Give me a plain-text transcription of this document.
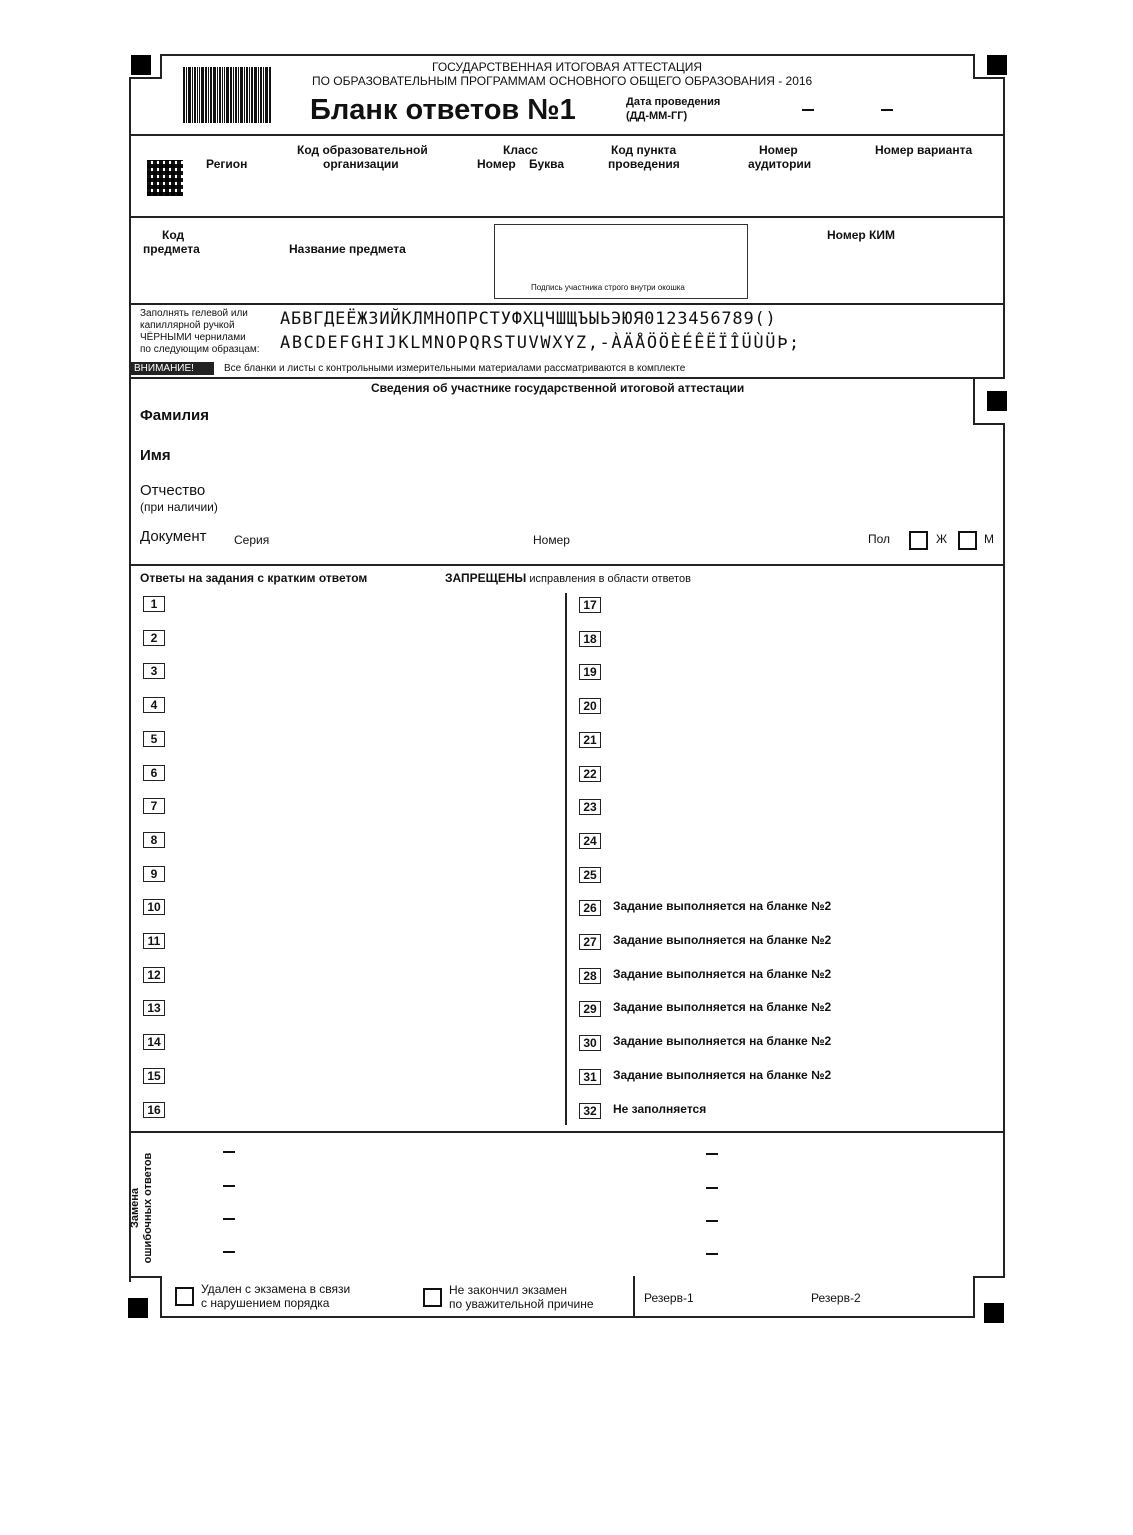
ГОСУДАРСТВЕННАЯ ИТОГОВАЯ АТТЕСТАЦИЯ
ПО ОБРАЗОВАТЕЛЬНЫМ ПРОГРАММАМ ОСНОВНОГО ОБЩЕГО ОБРАЗОВАНИЯ - 2016
Бланк ответов №1	Дата проведения
(ДД-ММ-ГГ)
Регион
Код образовательной
организации
Класс
Номер Буква
Код пункта
проведения
Номер
аудитории
Номер варианта
Код
предмета	Название предмета
Подпись участника строго внутри окошка
Номер КИМ
Заполнять гелевой или
капиллярной ручкой
ЧЁРНЫМИ чернилами
по следующим образцам:
АБВГДЕЁЖЗИЙКЛМНОПРСТУФХЦЧШЩЪЫЬЭЮЯ0123456789()
ABCDEFGHIJKLMNOPQRSTUVWXYZ,-ÀÄÅÖÖÈÉÊËÏÎÜÙÜÞ;
ВНИМАНИЕ!	Все бланки и листы с контрольными измерительными материалами рассматриваются в комплекте
Сведения об участнике государственной итоговой аттестации
Фамилия
Имя
Отчество
(при наличии)
Документ Серия	Номер	Пол	Ж	М
Ответы на задания с кратким ответом	ЗАПРЕЩЕНЫ исправления в области ответов
1
2
3
4
5
6
7
8
9
10
11
12
13
14
15
16
17
18
19
20
21
22
23
24
25
26	Задание выполняется на бланке №2
27	Задание выполняется на бланке №2
28	Задание выполняется на бланке №2
29	Задание выполняется на бланке №2
30	Задание выполняется на бланке №2
31	Задание выполняется на бланке №2
32	Не заполняется
Замена ошибочных ответов
Удален с экзамена в связи
с нарушением порядка
Не закончил экзамен
по уважительной причине	Резерв-1	Резерв-2
